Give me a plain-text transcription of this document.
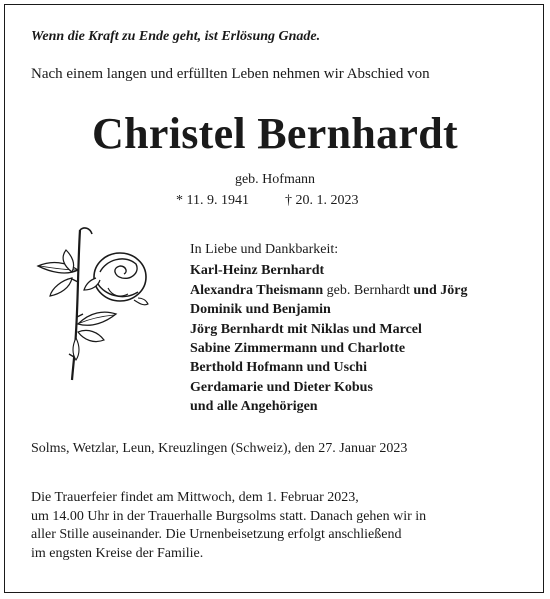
Wenn die Kraft zu Ende geht, ist Erlösung Gnade.
Nach einem langen und erfüllten Leben nehmen wir Abschied von
Christel Bernhardt
geb. Hofmann
* 11. 9. 1941	† 20. 1. 2023
In Liebe und Dankbarkeit:
Karl-Heinz Bernhardt
Alexandra Theismann geb. Bernhardt und Jörg
Dominik und Benjamin
Jörg Bernhardt mit Niklas und Marcel
Sabine Zimmermann und Charlotte
Berthold Hofmann und Uschi
Gerdamarie und Dieter Kobus
und alle Angehörigen
Solms, Wetzlar, Leun, Kreuzlingen (Schweiz), den 27. Januar 2023
Die Trauerfeier findet am Mittwoch, dem 1. Februar 2023,
um 14.00 Uhr in der Trauerhalle Burgsolms statt. Danach gehen wir in
aller Stille auseinander. Die Urnenbeisetzung erfolgt anschließend
im engsten Kreise der Familie.
